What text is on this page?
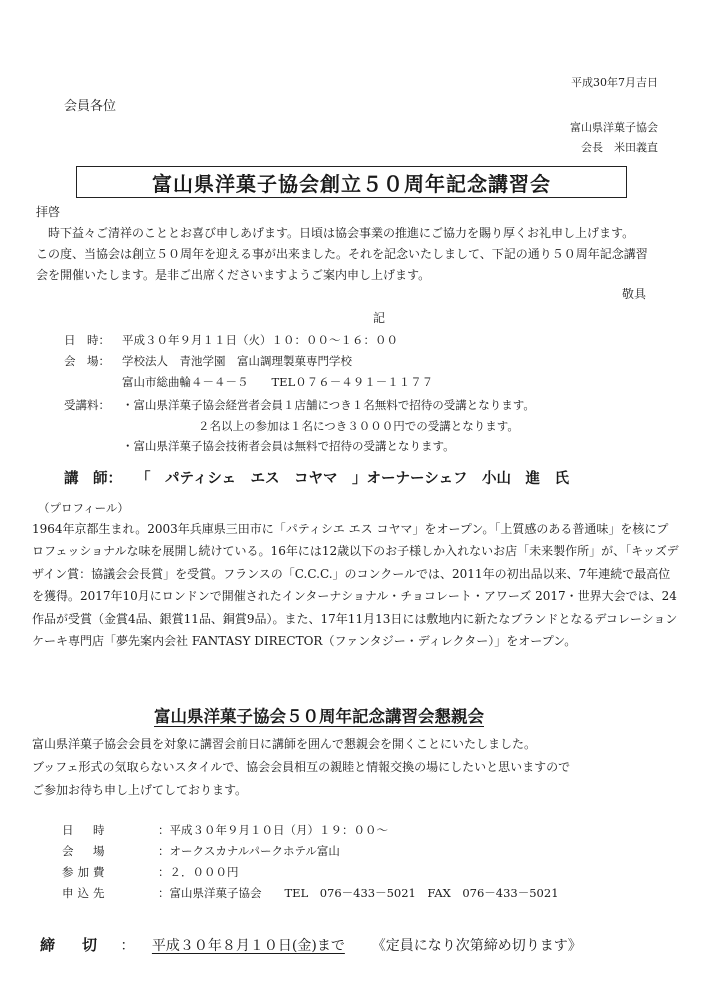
平成30年7月吉日
会員各位
富山県洋菓子協会
会長　米田義直
富山県洋菓子協会創立５０周年記念講習会
拝啓
時下益々ご清祥のこととお喜び申しあげます。日頃は協会事業の推進にご協力を賜り厚くお礼申し上げます。
この度、当協会は創立５０周年を迎える事が出来ました。それを記念いたしまして、下記の通り５０周年記念講習
会を開催いたします。是非ご出席くださいますようご案内申し上げます。
敬具
記
日　時： 平成３０年９月１１日（火）１０：００〜１６：００
会　場： 学校法人　青池学園　富山調理製菓専門学校
富山市総曲輪４－４－５　　TEL０７６－４９１－１１７７
受講料： ・富山県洋菓子協会経営者会員１店舗につき１名無料で招待の受講となります。
２名以上の参加は１名につき３０００円での受講となります。
・富山県洋菓子協会技術者会員は無料で招待の受講となります。
講　師： 「　パティシェ　エス　コヤマ　」オーナーシェフ　小山　進　氏
（プロフィール）
1964年京都生まれ。2003年兵庫県三田市に「パティシエ エス コヤマ」をオープン。「上質感のある普通味」を核にプロフェッショナルな味を展開し続けている。16年には12歳以下のお子様しか入れないお店「未来製作所」が、「キッズデザイン賞：協議会会長賞」を受賞。フランスの「C.C.C.」のコンクールでは、2011年の初出品以来、7年連続で最高位を獲得。2017年10月にロンドンで開催されたインターナショナル・チョコレート・アワーズ 2017・世界大会では、24作品が受賞（金賞4品、銀賞11品、銅賞9品）。また、17年11月13日には敷地内に新たなブランドとなるデコレーションケーキ専門店「夢先案内会社 FANTASY DIRECTOR（ファンタジー・ディレクター）」をオープン。
富山県洋菓子協会５０周年記念講習会懇親会
富山県洋菓子協会会員を対象に講習会前日に講師を囲んで懇親会を開くことにいたしました。
ブッフェ形式の気取らないスタイルで、協会会員相互の親睦と情報交換の場にしたいと思いますので
ご参加お待ち申し上げてしております。
日　時	：平成３０年９月１０日（月）１９：００〜
会　場	：オークスカナルパークホテル富山
参加費	：２．０００円
申込先	：富山県洋菓子協会　　TEL　076－433－5021　FAX　076－433－5021
締　切 ： 平成３０年８月１０日(金)まで 《定員になり次第締め切ります》
